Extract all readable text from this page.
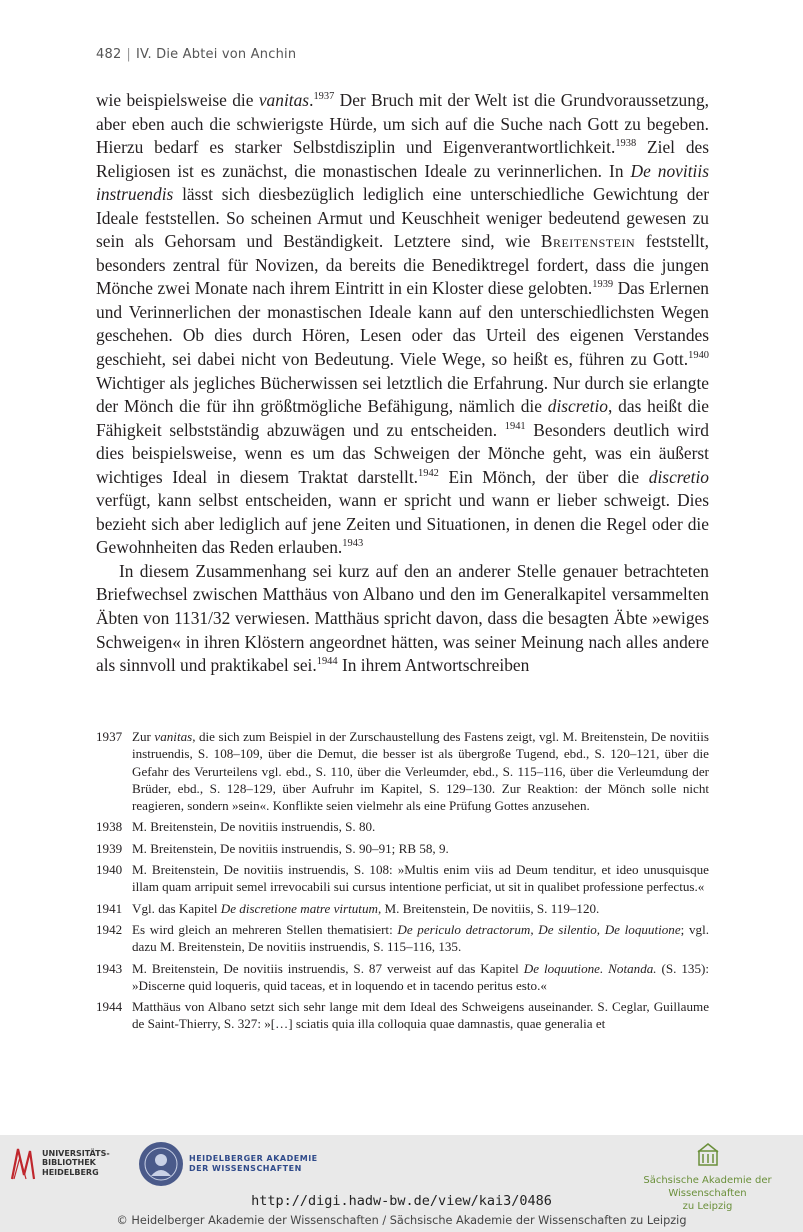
482 | IV. Die Abtei von Anchin

wie beispielsweise die vanitas.$^{1937}$ Der Bruch mit der Welt ist die Grundvoraussetzung, aber eben auch die schwierigste Hürde, um sich auf die Suche nach Gott zu begeben. Hierzu bedarf es starker Selbstdisziplin und Eigenverantwortlichkeit.$^{1938}$ Ziel des Religiosen ist es zunächst, die monastischen Ideale zu verinnerlichen. In De novitiis instruendis lässt sich diesbezüglich lediglich eine unterschiedliche Gewichtung der Ideale feststellen. So scheinen Armut und Keuschheit weniger bedeutend gewesen zu sein als Gehorsam und Beständigkeit. Letztere sind, wie Breitenstein feststellt, besonders zentral für Novizen, da bereits die Benediktregel fordert, dass die jungen Mönche zwei Monate nach ihrem Eintritt in ein Kloster diese gelobten.$^{1939}$ Das Erlernen und Verinnerlichen der monastischen Ideale kann auf den unterschiedlichsten Wegen geschehen. Ob dies durch Hören, Lesen oder das Urteil des eigenen Verstandes geschieht, sei dabei nicht von Bedeutung. Viele Wege, so heißt es, führen zu Gott.$^{1940}$ Wichtiger als jegliches Bücherwissen sei letztlich die Erfahrung. Nur durch sie erlangte der Mönch die für ihn größtmögliche Befähigung, nämlich die discretio, das heißt die Fähigkeit selbstständig abzuwägen und zu entscheiden. $^{1941}$ Besonders deutlich wird dies beispielsweise, wenn es um das Schweigen der Mönche geht, was ein äußerst wichtiges Ideal in diesem Traktat darstellt.$^{1942}$ Ein Mönch, der über die discretio verfügt, kann selbst entscheiden, wann er spricht und wann er lieber schweigt. Dies bezieht sich aber lediglich auf jene Zeiten und Situationen, in denen die Regel oder die Gewohnheiten das Reden erlauben.$^{1943}$

In diesem Zusammenhang sei kurz auf den an anderer Stelle genauer betrachteten Briefwechsel zwischen Matthäus von Albano und den im Generalkapitel versammelten Äbten von 1131/32 verwiesen. Matthäus spricht davon, dass die besagten Äbte »ewiges Schweigen« in ihren Klöstern angeordnet hätten, was seiner Meinung nach alles andere als sinnvoll und praktikabel sei.$^{1944}$ In ihrem Antwortschreiben

1937 Zur vanitas, die sich zum Beispiel in der Zurschaustellung des Fastens zeigt, vgl. M. Breitenstein, De novitiis instruendis, S. 108–109, über die Demut, die besser ist als übergroße Tugend, ebd., S. 120–121, über die Gefahr des Verurteilens vgl. ebd., S. 110, über die Verleumder, ebd., S. 115–116, über die Verleumdung der Brüder, ebd., S. 128–129, über Aufruhr im Kapitel, S. 129–130. Zur Reaktion: der Mönch solle nicht reagieren, sondern »sein«. Konflikte seien vielmehr als eine Prüfung Gottes anzusehen.
1938 M. Breitenstein, De novitiis instruendis, S. 80.
1939 M. Breitenstein, De novitiis instruendis, S. 90–91; RB 58, 9.
1940 M. Breitenstein, De novitiis instruendis, S. 108: »Multis enim viis ad Deum tenditur, et ideo unusquisque illam quam arripuit semel irrevocabili sui cursus intentione perficiat, ut sit in qualibet professione perfectus.«
1941 Vgl. das Kapitel De discretione matre virtutum, M. Breitenstein, De novitiis, S. 119–120.
1942 Es wird gleich an mehreren Stellen thematisiert: De periculo detractorum, De silentio, De loquutione; vgl. dazu M. Breitenstein, De novitiis instruendis, S. 115–116, 135.
1943 M. Breitenstein, De novitiis instruendis, S. 87 verweist auf das Kapitel De loquutione. Notanda. (S. 135): »Discerne quid loqueris, quid taceas, et in loquendo et in tacendo peritus esto.«
1944 Matthäus von Albano setzt sich sehr lange mit dem Ideal des Schweigens auseinander. S. Ceglar, Guillaume de Saint-Thierry, S. 327: »[…] sciatis quia illa colloquia quae damnastis, quae generalia et
UNIVERSITÄTS-
BIBLIOTHEK
HEIDELBERG
HEIDELBERGER AKADEMIE
DER WISSENSCHAFTEN
Sächsische Akademie der Wissenschaften
zu Leipzig
http://digi.hadw-bw.de/view/kai3/0486
© Heidelberger Akademie der Wissenschaften / Sächsische Akademie der Wissenschaften zu Leipzig
